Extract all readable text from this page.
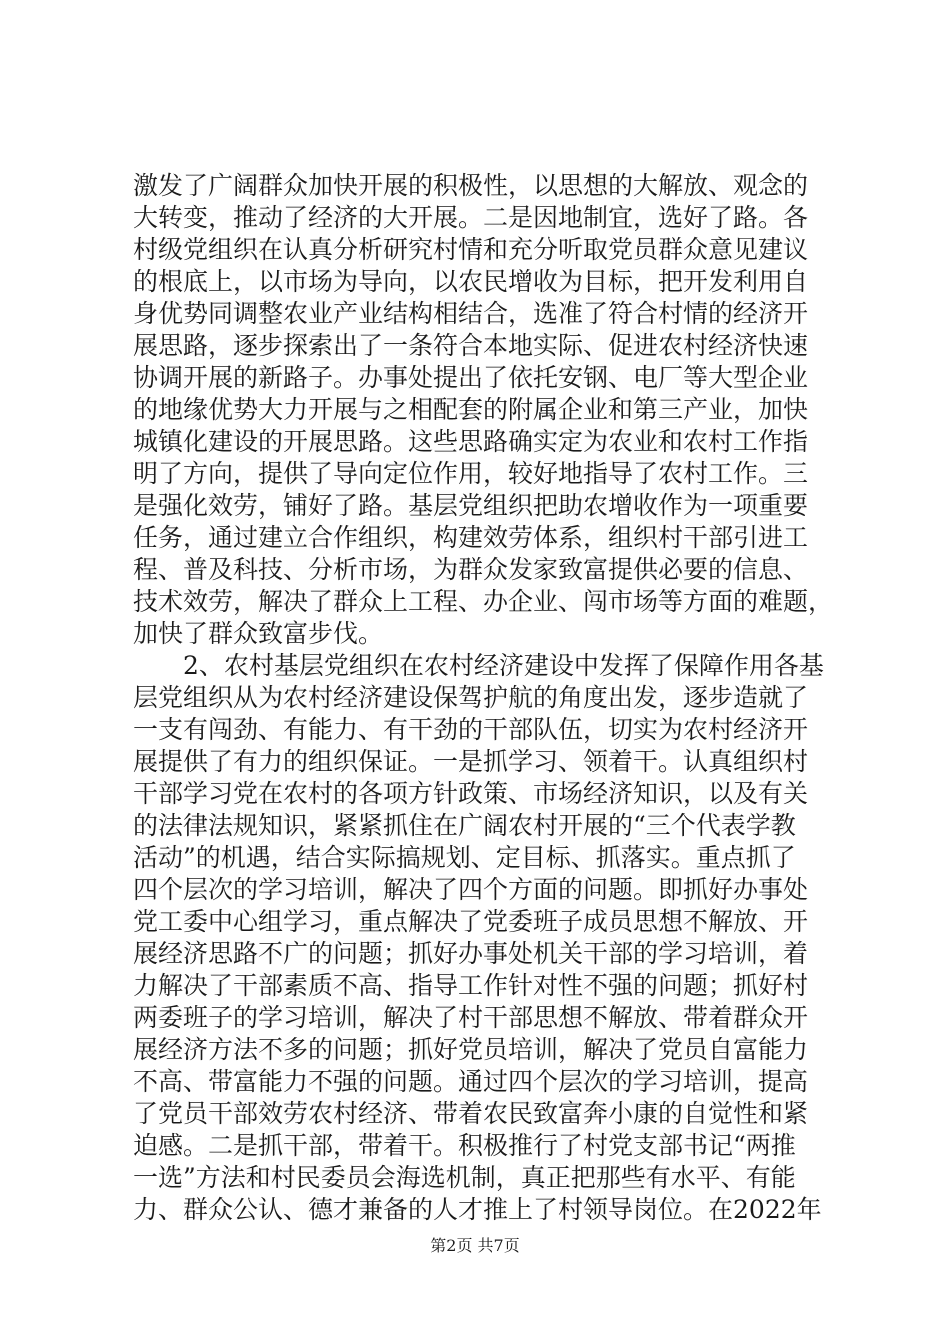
激发了广阔群众加快开展的积极性，以思想的大解放、观念的
大转变，推动了经济的大开展。二是因地制宜，选好了路。各
村级党组织在认真分析研究村情和充分听取党员群众意见建议
的根底上，以市场为导向，以农民增收为目标，把开发利用自
身优势同调整农业产业结构相结合，选准了符合村情的经济开
展思路，逐步探索出了一条符合本地实际、促进农村经济快速
协调开展的新路子。办事处提出了依托安钢、电厂等大型企业
的地缘优势大力开展与之相配套的附属企业和第三产业，加快
城镇化建设的开展思路。这些思路确实定为农业和农村工作指
明了方向，提供了导向定位作用，较好地指导了农村工作。三
是强化效劳，铺好了路。基层党组织把助农增收作为一项重要
任务，通过建立合作组织，构建效劳体系，组织村干部引进工
程、普及科技、分析市场，为群众发家致富提供必要的信息、
技术效劳，解决了群众上工程、办企业、闯市场等方面的难题，
加快了群众致富步伐。
2、农村基层党组织在农村经济建设中发挥了保障作用各基
层党组织从为农村经济建设保驾护航的角度出发，逐步造就了
一支有闯劲、有能力、有干劲的干部队伍，切实为农村经济开
展提供了有力的组织保证。一是抓学习、领着干。认真组织村
干部学习党在农村的各项方针政策、市场经济知识，以及有关
的法律法规知识，紧紧抓住在广阔农村开展的“三个代表学教
活动”的机遇，结合实际搞规划、定目标、抓落实。重点抓了
四个层次的学习培训，解决了四个方面的问题。即抓好办事处
党工委中心组学习，重点解决了党委班子成员思想不解放、开
展经济思路不广的问题；抓好办事处机关干部的学习培训，着
力解决了干部素质不高、指导工作针对性不强的问题；抓好村
两委班子的学习培训，解决了村干部思想不解放、带着群众开
展经济方法不多的问题；抓好党员培训，解决了党员自富能力
不高、带富能力不强的问题。通过四个层次的学习培训，提高
了党员干部效劳农村经济、带着农民致富奔小康的自觉性和紧
迫感。二是抓干部，带着干。积极推行了村党支部书记“两推
一选”方法和村民委员会海选机制，真正把那些有水平、有能
力、群众公认、德才兼备的人才推上了村领导岗位。在2022年
第2页 共7页
